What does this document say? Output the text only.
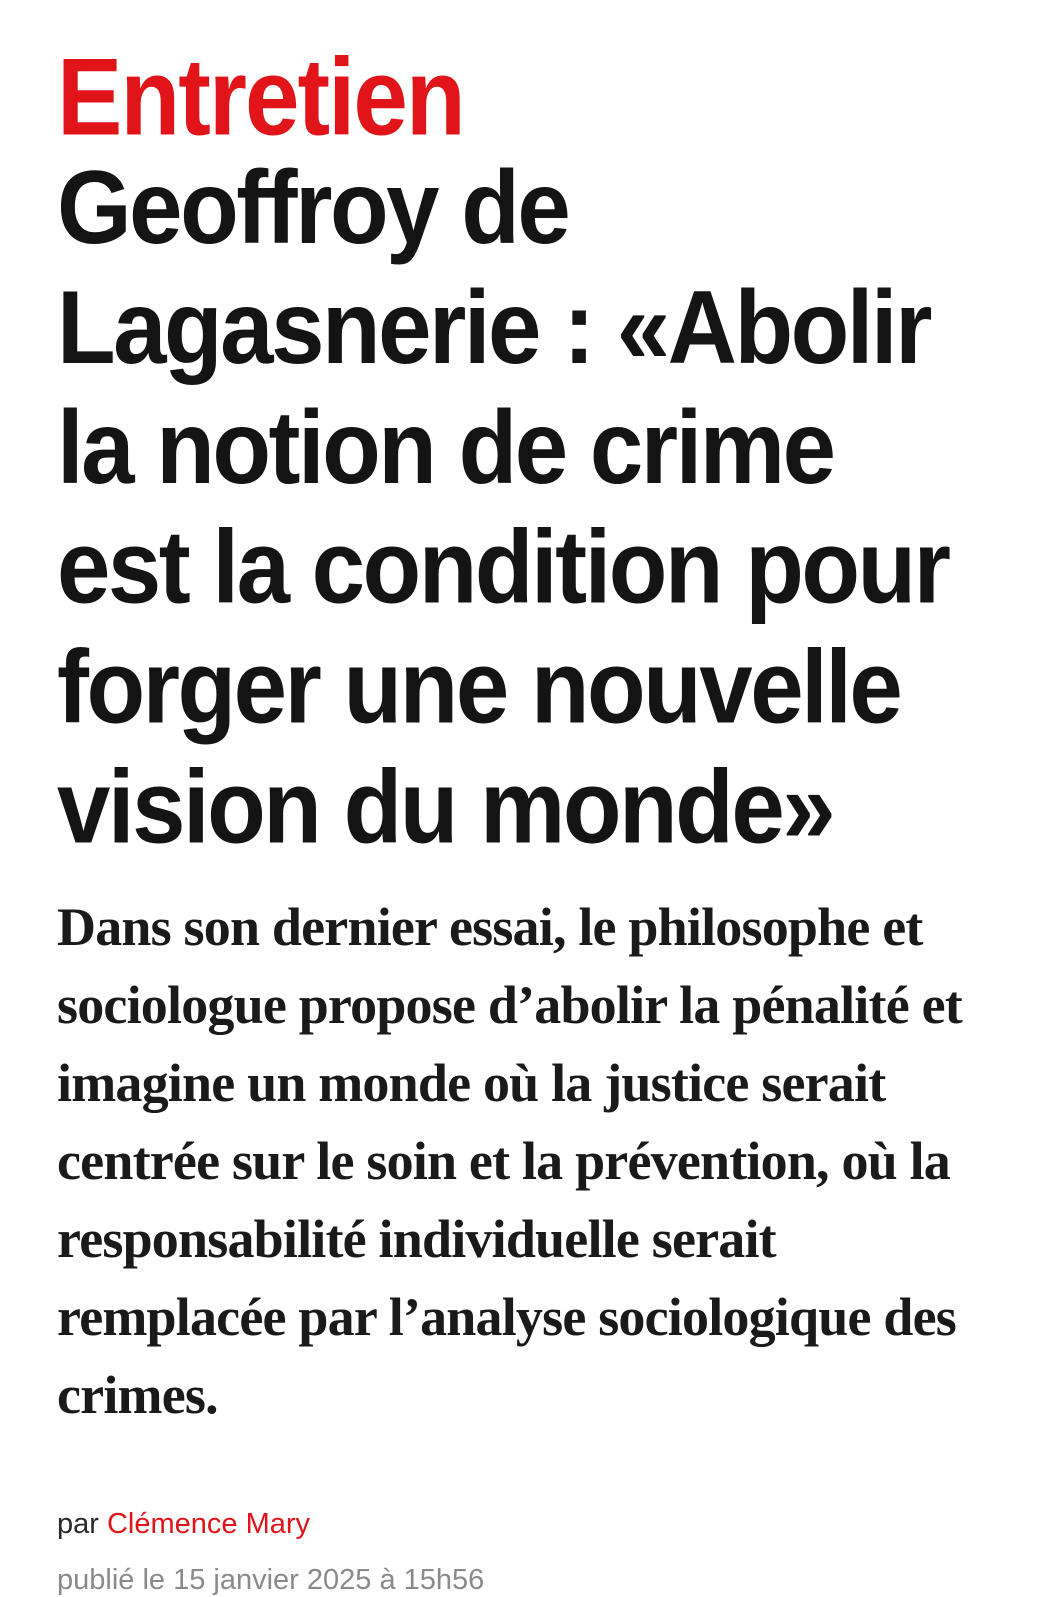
Entretien
Geoffroy de Lagasnerie : «Abolir la notion de crime est la condition pour forger une nouvelle vision du monde»

Dans son dernier essai, le philosophe et sociologue propose d’abolir la pénalité et imagine un monde où la justice serait centrée sur le soin et la prévention, où la responsabilité individuelle serait remplacée par l’analyse sociologique des crimes.

par Clémence Mary

publié le 15 janvier 2025 à 15h56
